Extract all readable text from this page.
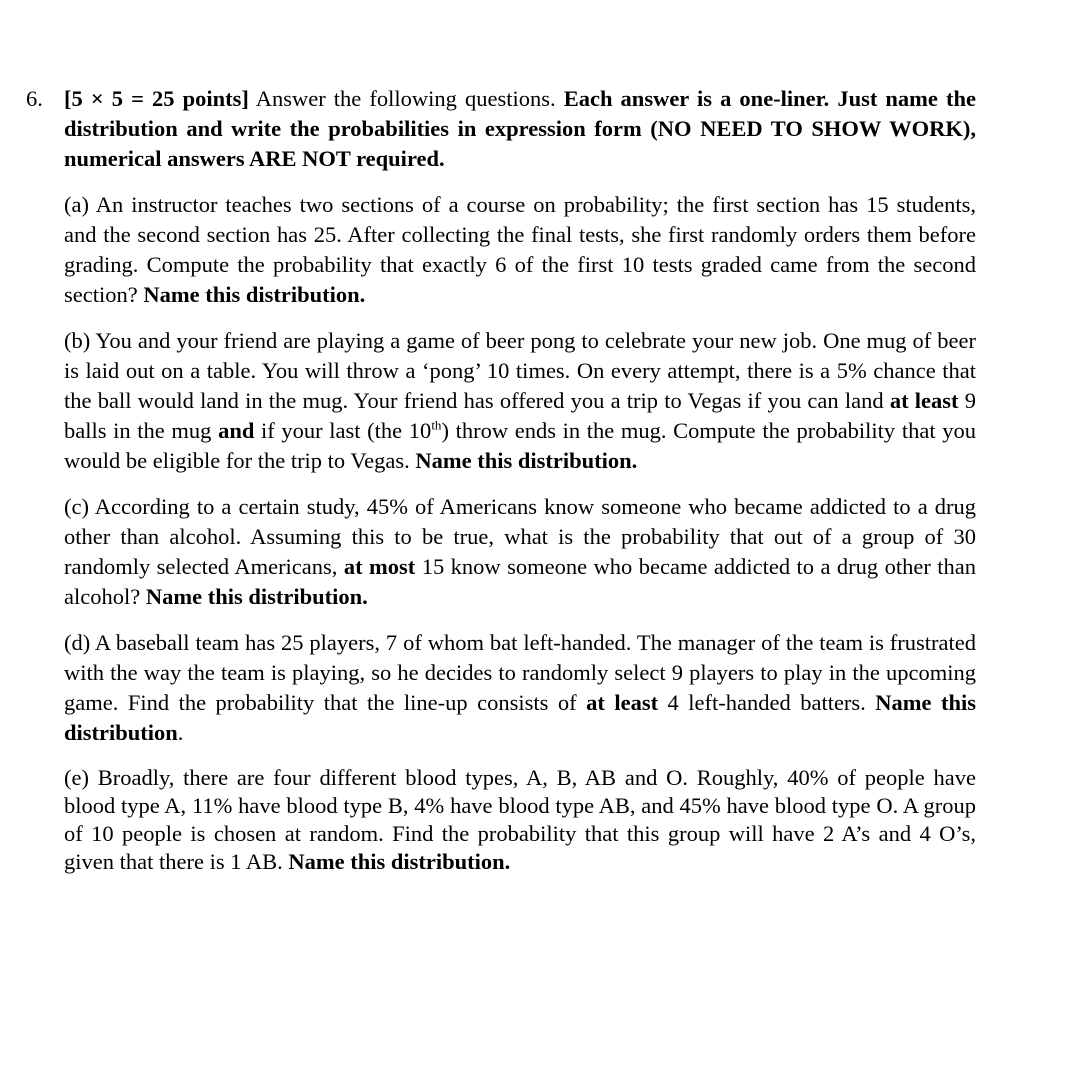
6. [5 × 5 = 25 points] Answer the following questions. Each answer is a one-liner. Just name the distribution and write the probabilities in expression form (NO NEED TO SHOW WORK), numerical answers ARE NOT required.
(a) An instructor teaches two sections of a course on probability; the first section has 15 students, and the second section has 25. After collecting the final tests, she first randomly orders them before grading. Compute the probability that exactly 6 of the first 10 tests graded came from the second section? Name this distribution.
(b) You and your friend are playing a game of beer pong to celebrate your new job. One mug of beer is laid out on a table. You will throw a ‘pong’ 10 times. On every attempt, there is a 5% chance that the ball would land in the mug. Your friend has offered you a trip to Vegas if you can land at least 9 balls in the mug and if your last (the 10th) throw ends in the mug. Compute the probability that you would be eligible for the trip to Vegas. Name this distribution.
(c) According to a certain study, 45% of Americans know someone who became addicted to a drug other than alcohol. Assuming this to be true, what is the probability that out of a group of 30 randomly selected Americans, at most 15 know someone who became addicted to a drug other than alcohol? Name this distribution.
(d) A baseball team has 25 players, 7 of whom bat left-handed. The manager of the team is frustrated with the way the team is playing, so he decides to randomly select 9 players to play in the upcoming game. Find the probability that the line-up consists of at least 4 left-handed batters. Name this distribution.
(e) Broadly, there are four different blood types, A, B, AB and O. Roughly, 40% of people have blood type A, 11% have blood type B, 4% have blood type AB, and 45% have blood type O. A group of 10 people is chosen at random. Find the probability that this group will have 2 A’s and 4 O’s, given that there is 1 AB. Name this distribution.
